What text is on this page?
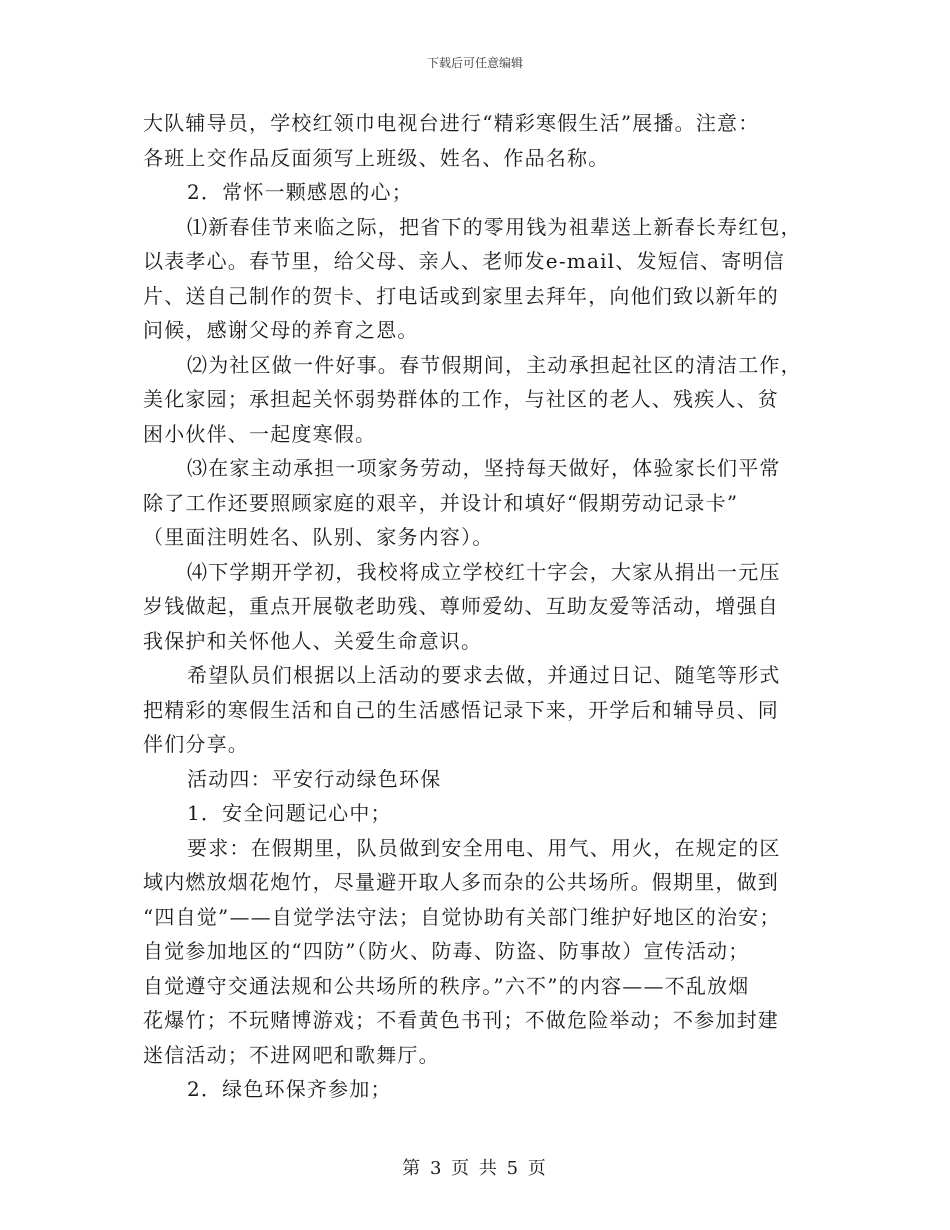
下载后可任意编辑
大队辅导员，学校红领巾电视台进行“精彩寒假生活”展播。注意：
各班上交作品反面须写上班级、姓名、作品名称。
2．常怀一颗感恩的心；
⑴新春佳节来临之际，把省下的零用钱为祖辈送上新春长寿红包，
以表孝心。春节里，给父母、亲人、老师发e-mail、发短信、寄明信
片、送自己制作的贺卡、打电话或到家里去拜年，向他们致以新年的
问候，感谢父母的养育之恩。
⑵为社区做一件好事。春节假期间，主动承担起社区的清洁工作，
美化家园；承担起关怀弱势群体的工作，与社区的老人、残疾人、贫
困小伙伴、一起度寒假。
⑶在家主动承担一项家务劳动，坚持每天做好，体验家长们平常
除了工作还要照顾家庭的艰辛，并设计和填好“假期劳动记录卡”
（里面注明姓名、队别、家务内容）。
⑷下学期开学初，我校将成立学校红十字会，大家从捐出一元压
岁钱做起，重点开展敬老助残、尊师爱幼、互助友爱等活动，增强自
我保护和关怀他人、关爱生命意识。
希望队员们根据以上活动的要求去做，并通过日记、随笔等形式
把精彩的寒假生活和自己的生活感悟记录下来，开学后和辅导员、同
伴们分享。
活动四：平安行动绿色环保
1．安全问题记心中；
要求：在假期里，队员做到安全用电、用气、用火，在规定的区
域内燃放烟花炮竹，尽量避开取人多而杂的公共场所。假期里，做到
“四自觉”——自觉学法守法；自觉协助有关部门维护好地区的治安；
自觉参加地区的“四防”（防火、防毒、防盗、防事故）宣传活动；
自觉遵守交通法规和公共场所的秩序。”六不”的内容——不乱放烟
花爆竹；不玩赌博游戏；不看黄色书刊；不做危险举动；不参加封建
迷信活动；不进网吧和歌舞厅。
2．绿色环保齐参加；
第 3 页 共 5 页
